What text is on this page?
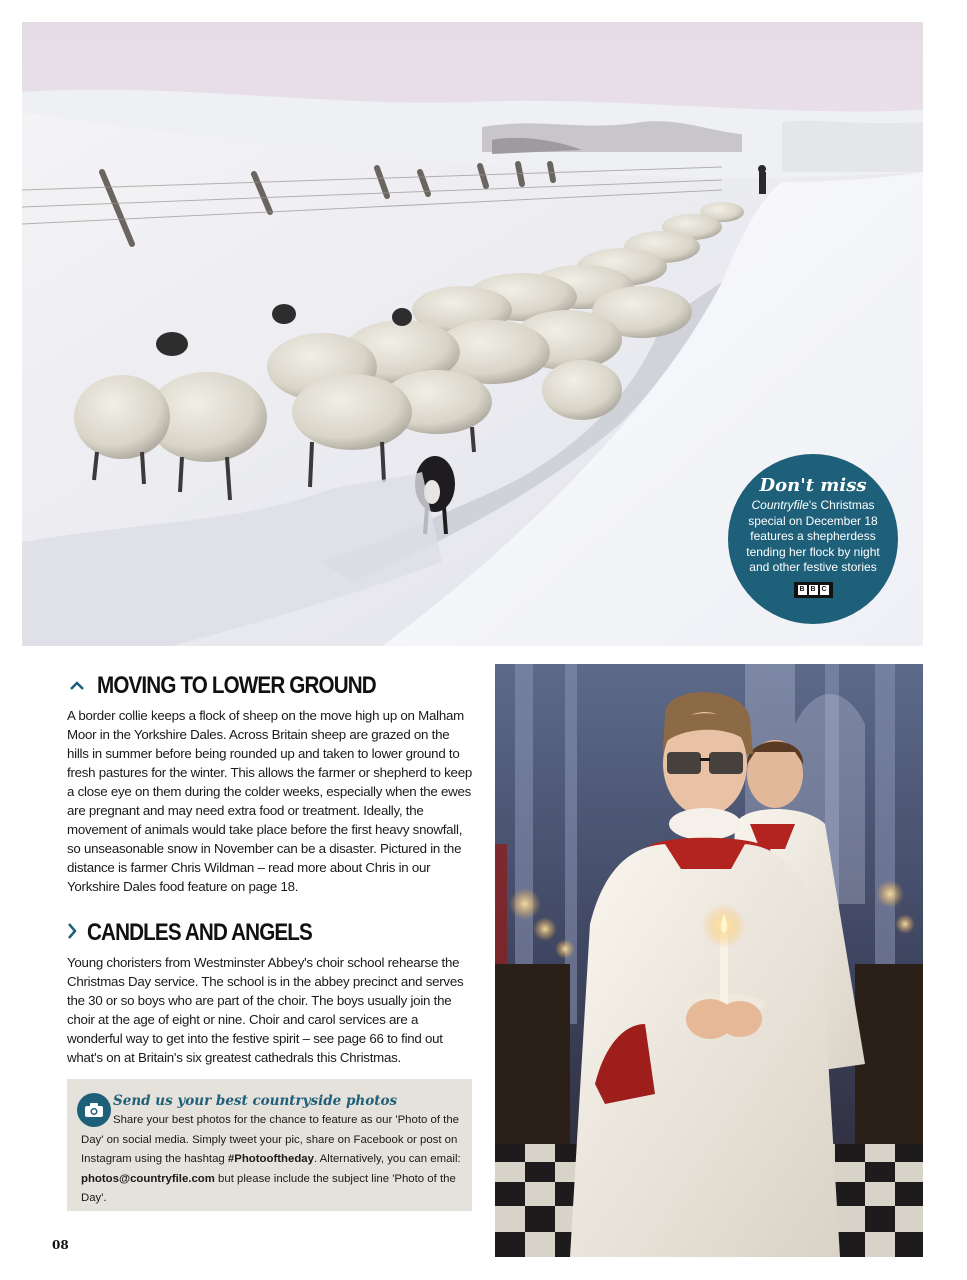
Don't miss
Countryfile's Christmas special on December 18 features a shepherdess tending her flock by night and other festive stories
B B C
MOVING TO LOWER GROUND
A border collie keeps a flock of sheep on the move high up on Malham Moor in the Yorkshire Dales. Across Britain sheep are grazed on the hills in summer before being rounded up and taken to lower ground to fresh pastures for the winter. This allows the farmer or shepherd to keep a close eye on them during the colder weeks, especially when the ewes are pregnant and may need extra food or treatment. Ideally, the movement of animals would take place before the first heavy snowfall, so unseasonable snow in November can be a disaster. Pictured in the distance is farmer Chris Wildman – read more about Chris in our Yorkshire Dales food feature on page 18.
CANDLES AND ANGELS
Young choristers from Westminster Abbey's choir school rehearse the Christmas Day service. The school is in the abbey precinct and serves the 30 or so boys who are part of the choir. The boys usually join the choir at the age of eight or nine. Choir and carol services are a wonderful way to get into the festive spirit – see page 66 to find out what's on at Britain's six greatest cathedrals this Christmas.
Send us your best countryside photos
Share your best photos for the chance to feature as our 'Photo of the Day' on social media. Simply tweet your pic, share on Facebook or post on Instagram using the hashtag #Photooftheday. Alternatively, you can email: photos@countryfile.com but please include the subject line 'Photo of the Day'.
08
